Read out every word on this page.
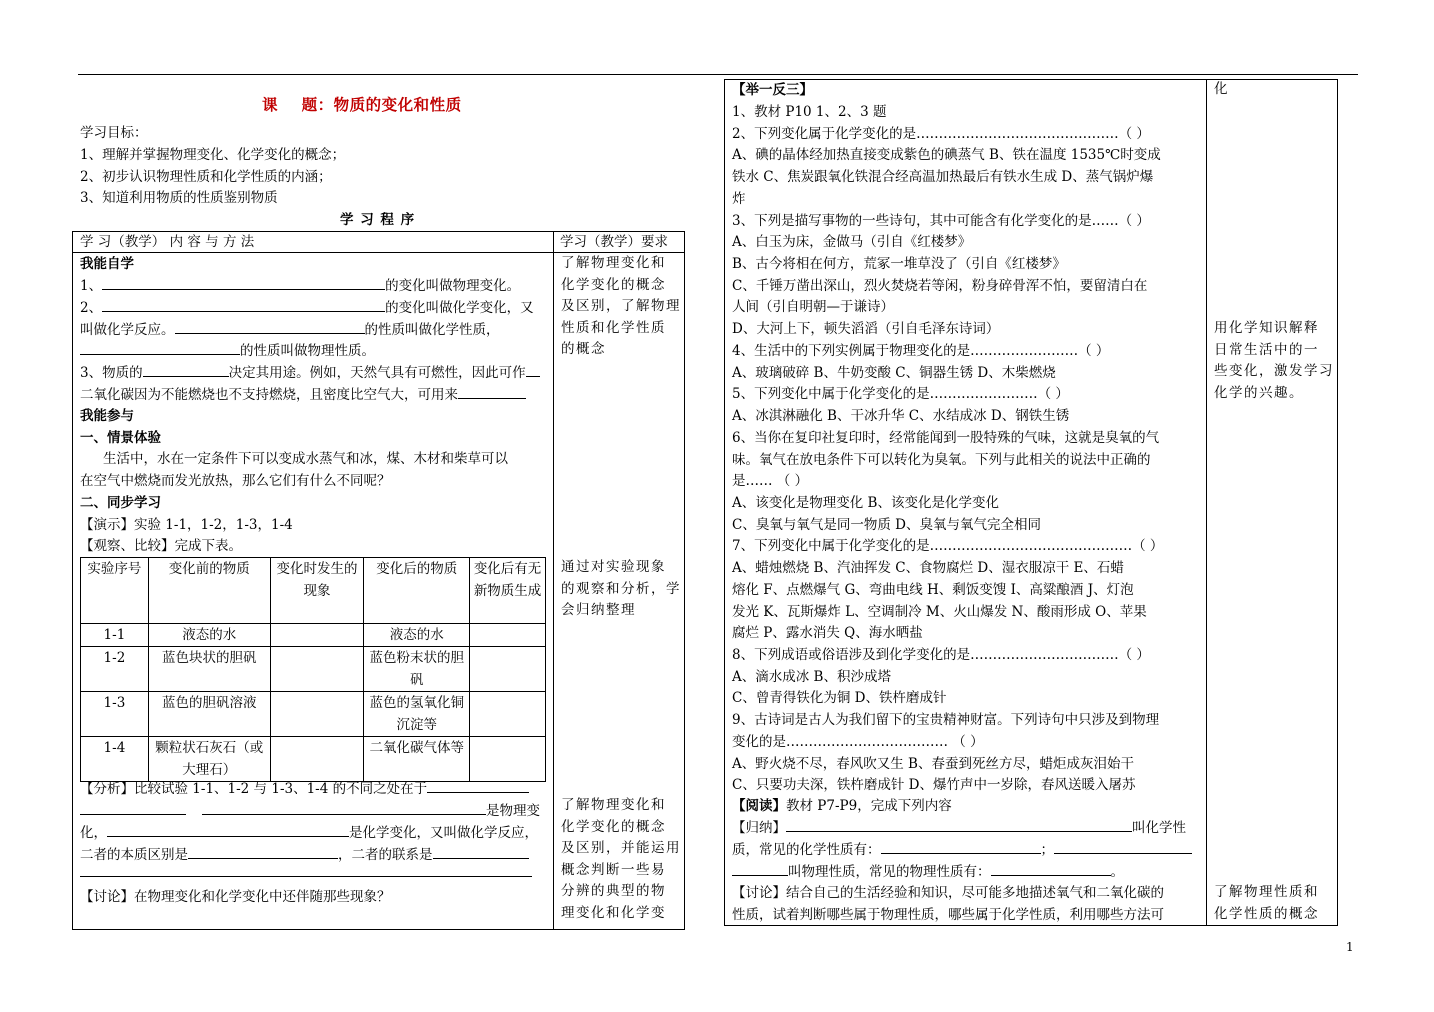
课    题：物质的变化和性质
学习目标：
1、理解并掌握物理变化、化学变化的概念；
2、初步认识物理性质和化学性质的内涵；
3、知道利用物质的性质鉴别物质
学 习 程 序
学 习（教学） 内 容 与 方 法	学习（教学）要求
我能自学
1、	的变化叫做物理变化。
2、	的变化叫做化学变化，又
叫做化学反应。	的性质叫做化学性质，
的性质叫做物理性质。
3、物质的	决定其用途。例如，天然气具有可燃性，因此可作
二氧化碳因为不能燃烧也不支持燃烧，且密度比空气大，可用来
我能参与
一、情景体验
生活中，水在一定条件下可以变成水蒸气和冰，煤、木材和柴草可以
在空气中燃烧而发光放热，那么它们有什么不同呢？
二、同步学习
【演示】实验 1-1，1-2，1-3，1-4
【观察、比较】完成下表。
实验序号	变化前的物质	变化时发生的现象	变化后的物质	变化后有无新物质生成
1-1	液态的水		液态的水	
1-2	蓝色块状的胆矾		蓝色粉末状的胆矾	
1-3	蓝色的胆矾溶液		蓝色的氢氧化铜沉淀等	
1-4	颗粒状石灰石（或大理石）		二氧化碳气体等	
【分析】比较试验 1-1、1-2 与 1-3、1-4 的不同之处在于
是物理变
化，	是化学变化，又叫做化学反应，
二者的本质区别是	，二者的联系是
【讨论】在物理变化和化学变化中还伴随那些现象？
了解物理变化和
化学变化的概念
及区别，了解物理
性质和化学性质
的概念
通过对实验现象
的观察和分析，学
会归纳整理
了解物理变化和
化学变化的概念
及区别，并能运用
概念判断一些易
分辨的典型的物
理变化和化学变
【举一反三】
1、教材 P10 1、2、3 题
2、下列变化属于化学变化的是………………………………………（ ）
A、碘的晶体经加热直接变成紫色的碘蒸气 B、铁在温度 1535℃时变成
铁水 C、焦炭跟氧化铁混合经高温加热最后有铁水生成 D、蒸气锅炉爆
炸
3、下列是描写事物的一些诗句，其中可能含有化学变化的是……（ ）
A、白玉为床，金做马（引自《红楼梦》
B、古今将相在何方，荒冢一堆草没了（引自《红楼梦》
C、千锤万凿出深山，烈火焚烧若等闲，粉身碎骨浑不怕，要留清白在
人间（引自明朝—于谦诗）
D、大河上下，顿失滔滔（引自毛泽东诗词）
4、生活中的下列实例属于物理变化的是……………………（ ）
A、玻璃破碎 B、牛奶变酸 C、铜器生锈 D、木柴燃烧
5、下列变化中属于化学变化的是……………………（ ）
A、冰淇淋融化 B、干冰升华 C、水结成冰 D、钢铁生锈
6、当你在复印社复印时，经常能闻到一股特殊的气味，这就是臭氧的气
味。氧气在放电条件下可以转化为臭氧。下列与此相关的说法中正确的
是…… （ ）
A、该变化是物理变化 B、该变化是化学变化
C、臭氧与氧气是同一物质 D、臭氧与氧气完全相同
7、下列变化中属于化学变化的是………………………………………（ ）
A、蜡烛燃烧 B、汽油挥发 C、食物腐烂 D、湿衣服凉干 E、石蜡
熔化 F、点燃爆气 G、弯曲电线 H、剩饭变馊 I、高粱酿酒 J、灯泡
发光 K、瓦斯爆炸 L、空调制冷 M、火山爆发 N、酸雨形成 O、苹果
腐烂 P、露水消失 Q、海水晒盐
8、下列成语或俗语涉及到化学变化的是……………………………（ ）
A、滴水成冰 B、积沙成塔
C、曾青得铁化为铜 D、铁杵磨成针
9、古诗词是古人为我们留下的宝贵精神财富。下列诗句中只涉及到物理
变化的是……………………………… （ ）
A、野火烧不尽，春风吹又生 B、春蚕到死丝方尽，蜡炬成灰泪始干
C、只要功夫深，铁杵磨成针 D、爆竹声中一岁除，春风送暖入屠苏
【阅读】教材 P7-P9，完成下列内容
【归纳】	叫化学性
质，常见的化学性质有：	；
叫物理性质，常见的物理性质有：	。
【讨论】结合自己的生活经验和知识，尽可能多地描述氧气和二氧化碳的
性质，试着判断哪些属于物理性质，哪些属于化学性质，利用哪些方法可
化
用化学知识解释
日常生活中的一
些变化，激发学习
化学的兴趣。
了解物理性质和
化学性质的概念
1
